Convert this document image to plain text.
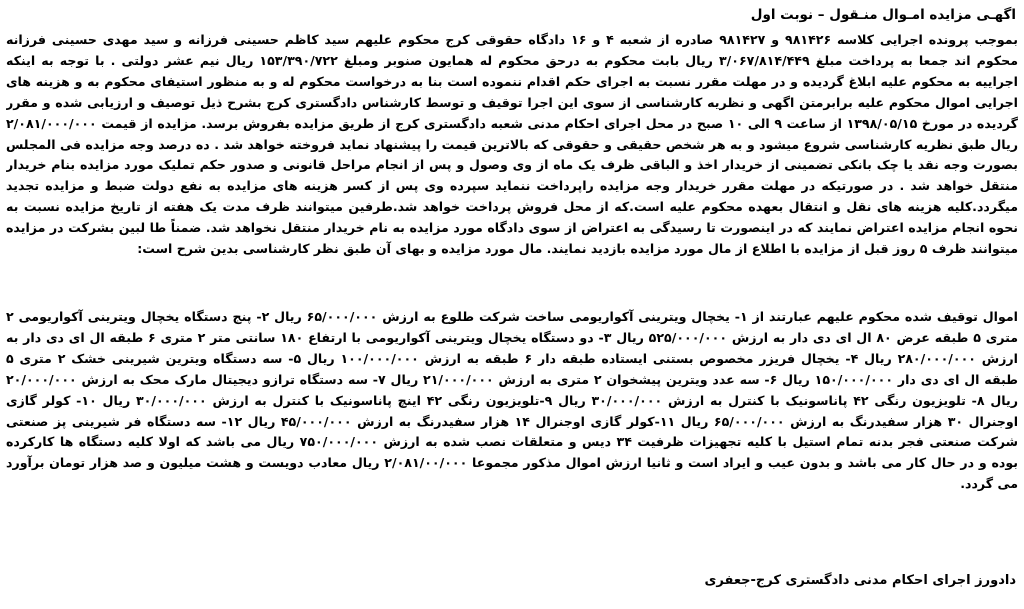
اگهـی مزایده امـوال منـقول – نوبت اول

بموجب پرونده اجرایی کلاسه ۹۸۱۴۲۶ و ۹۸۱۴۲۷ صادره از شعبه ۴ و ۱۶ دادگاه حقوقی کرج محکوم علیهم سید کاظم حسینی فرزانه و سید مهدی حسینی فرزانه محکوم اند جمعا به پرداخت مبلغ ۳/۰۶۷/۸۱۴/۴۴۹ ریال بابت محکوم به درحق محکوم له همایون صنوبر ومبلغ ۱۵۳/۳۹۰/۷۲۲ ریال نیم عشر دولتی . با توجه به اینکه اجراییه به محکوم علیه ابلاغ گردیده و در مهلت مقرر نسبت به اجرای حکم اقدام ننموده است بنا به درخواست محکوم له و به منظور استیفای محکوم به و هزینه های اجرایی اموال محکوم علیه برابرمتن اگهی و نظریه کارشناسی از سوی این اجرا توقیف و توسط کارشناس دادگستری کرج بشرح ذیل توصیف و ارزیابی شده و مقرر گردیده در مورخ ۱۳۹۸/۰۵/۱۵ از ساعت ۹ الی ۱۰ صبح در محل اجرای احکام مدنی شعبه دادگستری کرج از طریق مزایده بفروش برسد. مزایده از قیمت ۲/۰۸۱/۰۰۰/۰۰۰ ریال طبق نظریه کارشناسی شروع میشود و به هر شخص حقیقی و حقوقی که بالاترین قیمت را پیشنهاد نماید فروخته خواهد شد . ده درصد وجه مزایده فی المجلس بصورت وجه نقد یا چک بانکی تضمینی از خریدار اخذ و الباقی ظرف یک ماه از وی وصول و پس از انجام مراحل قانونی و صدور حکم تملیک مورد مزایده بنام خریدار منتقل خواهد شد . در صورتیکه در مهلت مقرر خریدار وجه مزایده راپرداخت ننماید سپرده وی پس از کسر هزینه های مزایده به نفع دولت ضبط و مزایده تجدید میگردد.کلیه هزینه های نقل و انتقال بعهده محکوم علیه است.که از محل فروش پرداخت خواهد شد.طرفین میتوانند ظرف مدت یک هفته از تاریخ مزایده نسبت به نحوه انجام مزایده اعتراض نمایند که در اینصورت تا رسیدگی به اعتراض از سوی دادگاه مورد مزایده به نام خریدار منتقل نخواهد شد. ضمناً طا لبین بشرکت در مزایده میتوانند ظرف ۵ روز قبل از مزایده با اطلاع از مال مورد مزایده بازدید نمایند. مال مورد مزایده و بهای آن طبق نظر کارشناسی بدین شرح است:

اموال توقیف شده محکوم علیهم عبارتند از ۱- یخچال ویترینی آکواریومی ساخت شرکت طلوع به ارزش ۶۵/۰۰۰/۰۰۰ ریال ۲- پنج دستگاه یخچال ویترینی آکواریومی ۲ متری ۵ طبقه عرض ۸۰ ال ای دی دار به ارزش ۵۲۵/۰۰۰/۰۰۰ ریال ۳- دو دستگاه یخچال ویترینی آکواریومی با ارتفاع ۱۸۰ سانتی متر ۲ متری ۶ طبقه ال ای دی دار به ارزش ۲۸۰/۰۰۰/۰۰۰ ریال ۴- یخچال فریزر مخصوص بستنی ایستاده طبقه دار ۶ طبقه به ارزش ۱۰۰/۰۰۰/۰۰۰ ریال ۵- سه دستگاه ویترین شیرینی خشک ۲ متری ۵ طبقه ال ای دی دار ۱۵۰/۰۰۰/۰۰۰ ریال ۶- سه عدد ویترین پیشخوان ۲ متری به ارزش ۲۱/۰۰۰/۰۰۰ ریال ۷- سه دستگاه ترازو دیجیتال مارک محک به ارزش ۲۰/۰۰۰/۰۰۰ ریال ۸- تلویزیون رنگی ۴۲ پاناسونیک با کنترل به ارزش ۳۰/۰۰۰/۰۰۰ ریال ۹-تلویزیون رنگی ۴۲ اینچ پاناسونیک با کنترل به ارزش ۳۰/۰۰۰/۰۰۰ ریال ۱۰- کولر گازی اوجنرال ۳۰ هزار سفیدرنگ به ارزش ۶۵/۰۰۰/۰۰۰ ریال ۱۱-کولر گازی اوجنرال ۱۴ هزار سفیدرنگ به ارزش ۴۵/۰۰۰/۰۰۰ ریال ۱۲- سه دستگاه فر شیرینی پز صنعتی شرکت صنعتی فجر بدنه تمام استیل با کلیه تجهیزات ظرفیت ۳۴ دیس و متعلقات نصب شده به ارزش ۷۵۰/۰۰۰/۰۰۰ ریال می باشد که اولا کلیه دستگاه ها کارکرده بوده و در حال کار می باشد و بدون عیب و ایراد است و ثانیا ارزش اموال مذکور مجموعا ۲/۰۸۱/۰۰/۰۰۰ ریال معادب دویست و هشت میلیون و صد هزار تومان برآورد می گردد.

دادورز اجرای احکام مدنی دادگستری کرج-جعفری
